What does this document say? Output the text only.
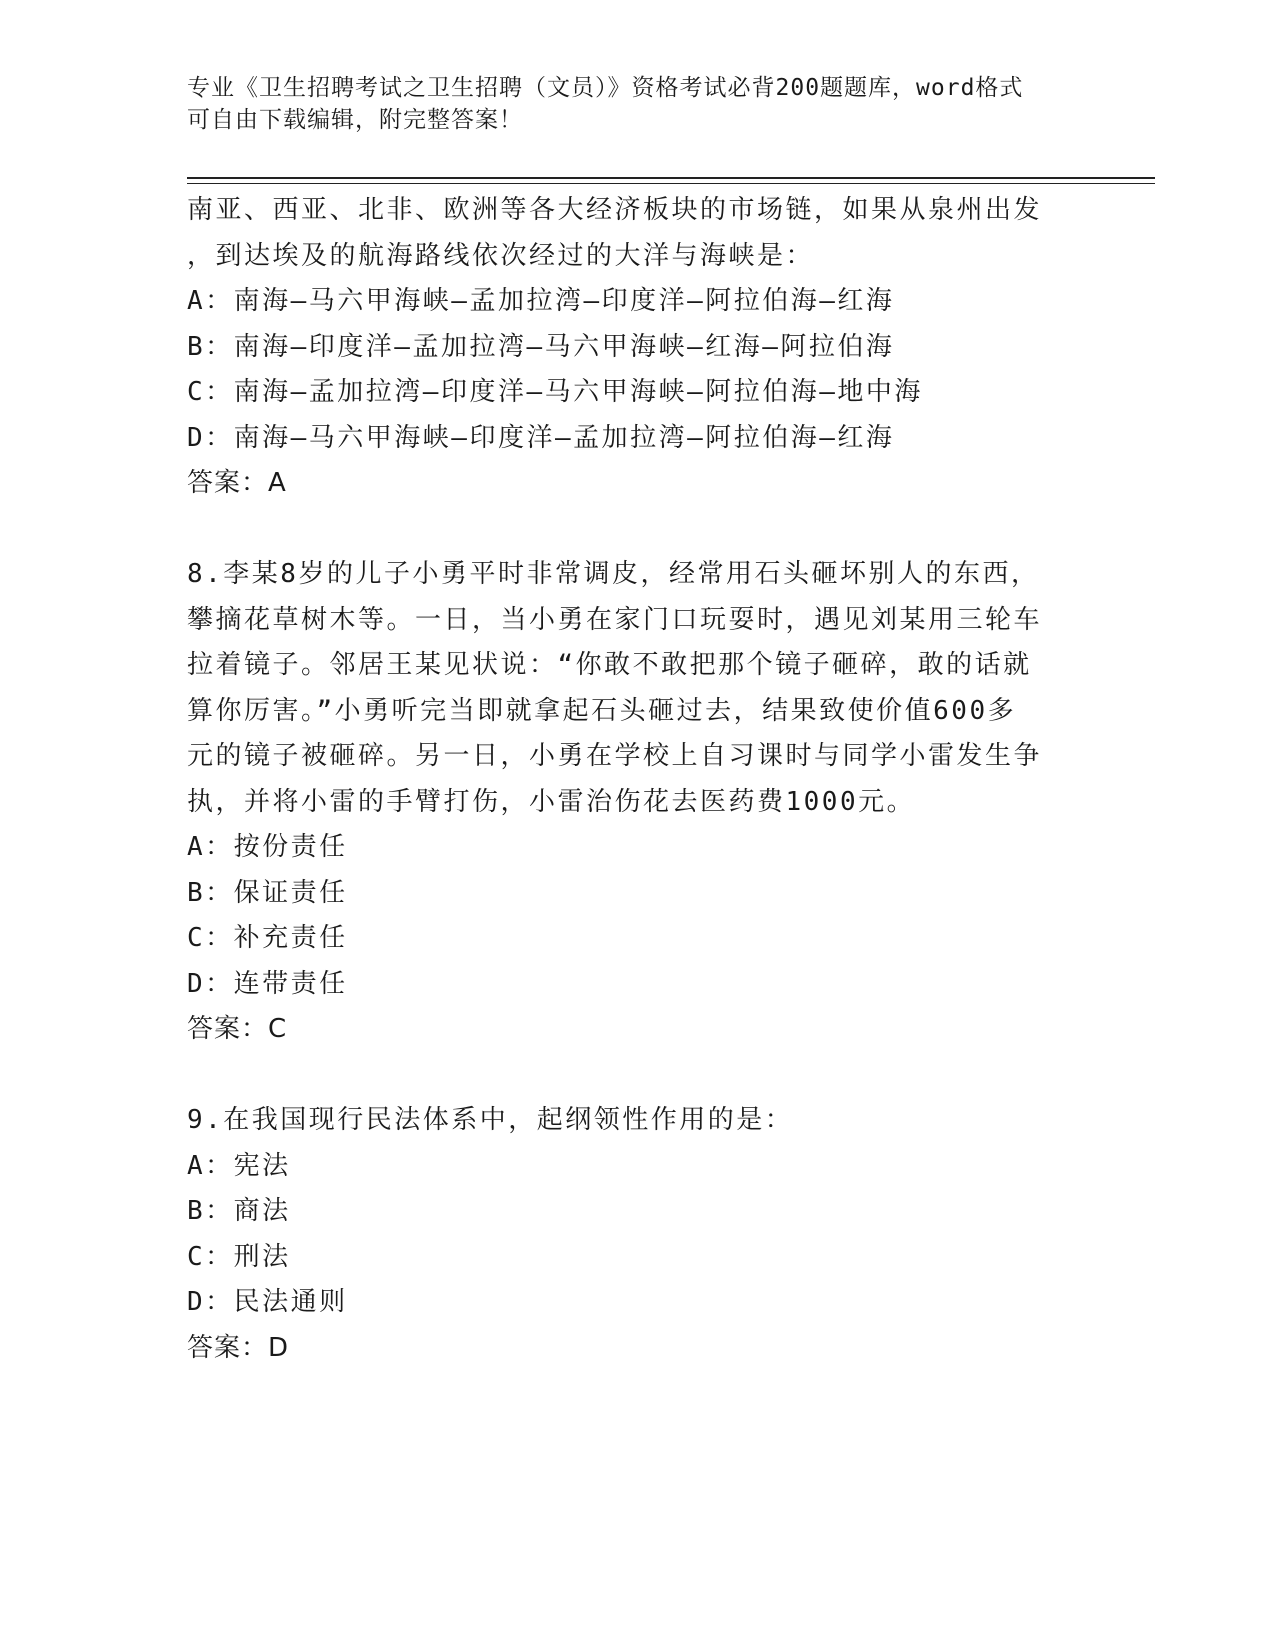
专业《卫生招聘考试之卫生招聘（文员）》资格考试必背200题题库，word格式
可自由下载编辑，附完整答案！
南亚、西亚、北非、欧洲等各大经济板块的市场链，如果从泉州出发
，到达埃及的航海路线依次经过的大洋与海峡是：
A：南海—马六甲海峡—孟加拉湾—印度洋—阿拉伯海—红海
B：南海—印度洋—孟加拉湾—马六甲海峡—红海—阿拉伯海
C：南海—孟加拉湾—印度洋—马六甲海峡—阿拉伯海—地中海
D：南海—马六甲海峡—印度洋—孟加拉湾—阿拉伯海—红海
答案：A
8.李某8岁的儿子小勇平时非常调皮，经常用石头砸坏别人的东西，
攀摘花草树木等。一日，当小勇在家门口玩耍时，遇见刘某用三轮车
拉着镜子。邻居王某见状说：“你敢不敢把那个镜子砸碎，敢的话就
算你厉害。”小勇听完当即就拿起石头砸过去，结果致使价值600多
元的镜子被砸碎。另一日，小勇在学校上自习课时与同学小雷发生争
执，并将小雷的手臂打伤，小雷治伤花去医药费1000元。
A：按份责任
B：保证责任
C：补充责任
D：连带责任
答案：C
9.在我国现行民法体系中，起纲领性作用的是：
A：宪法
B：商法
C：刑法
D：民法通则
答案：D
